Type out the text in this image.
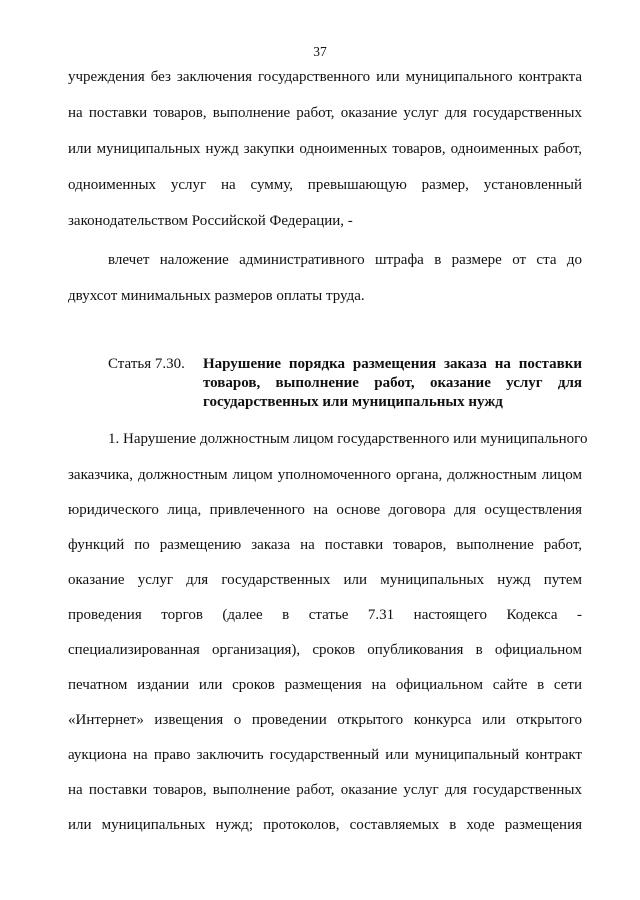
37
учреждения без заключения государственного или муниципального контракта
на поставки товаров, выполнение работ, оказание услуг для государственных
или муниципальных нужд закупки одноименных товаров, одноименных работ,
одноименных услуг на сумму, превышающую размер, установленный
законодательством Российской Федерации, -
влечет наложение административного штрафа в размере от ста до
двухсот минимальных размеров оплаты труда.
Статья 7.30. Нарушение порядка размещения заказа на поставки
товаров, выполнение работ, оказание услуг для
государственных или муниципальных нужд
1. Нарушение должностным лицом государственного или муниципального
заказчика, должностным лицом уполномоченного органа, должностным лицом
юридического лица, привлеченного на основе договора для осуществления
функций по размещению заказа на поставки товаров, выполнение работ,
оказание услуг для государственных или муниципальных нужд путем
проведения торгов (далее в статье 7.31 настоящего Кодекса -
специализированная организация), сроков опубликования в официальном
печатном издании или сроков размещения на официальном сайте в сети
«Интернет» извещения о проведении открытого конкурса или открытого
аукциона на право заключить государственный или муниципальный контракт
на поставки товаров, выполнение работ, оказание услуг для государственных
или муниципальных нужд; протоколов, составляемых в ходе размещения
